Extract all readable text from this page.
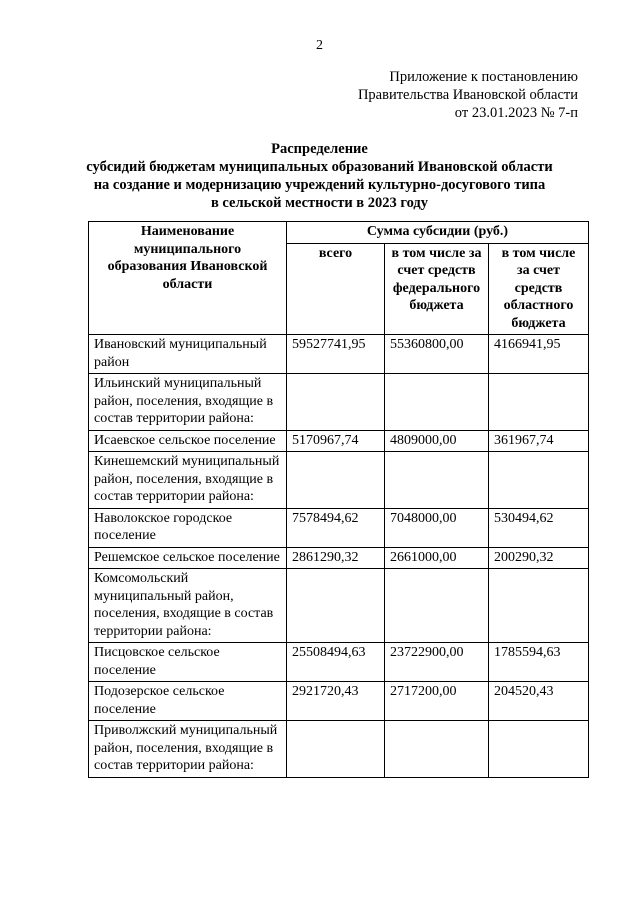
2
Приложение к постановлению
Правительства Ивановской области
от 23.01.2023 № 7-п
Распределение
субсидий бюджетам муниципальных образований Ивановской области
на создание и модернизацию учреждений культурно-досугового типа
в сельской местности в 2023 году
Наименование муниципального образования Ивановской области	Сумма субсидии (руб.)		
	всего	в том числе за счет средств федерального бюджета	в том числе за счет средств областного бюджета
Ивановский муниципальный район	59527741,95	55360800,00	4166941,95
Ильинский муниципальный район, поселения, входящие в состав территории района:			
Исаевское сельское поселение	5170967,74	4809000,00	361967,74
Кинешемский муниципальный район, поселения, входящие в состав территории района:			
Наволокское городское поселение	7578494,62	7048000,00	530494,62
Решемское сельское поселение	2861290,32	2661000,00	200290,32
Комсомольский муниципальный район, поселения, входящие в состав территории района:			
Писцовское сельское поселение	25508494,63	23722900,00	1785594,63
Подозерское сельское поселение	2921720,43	2717200,00	204520,43
Приволжский муниципальный район, поселения, входящие в состав территории района:			
